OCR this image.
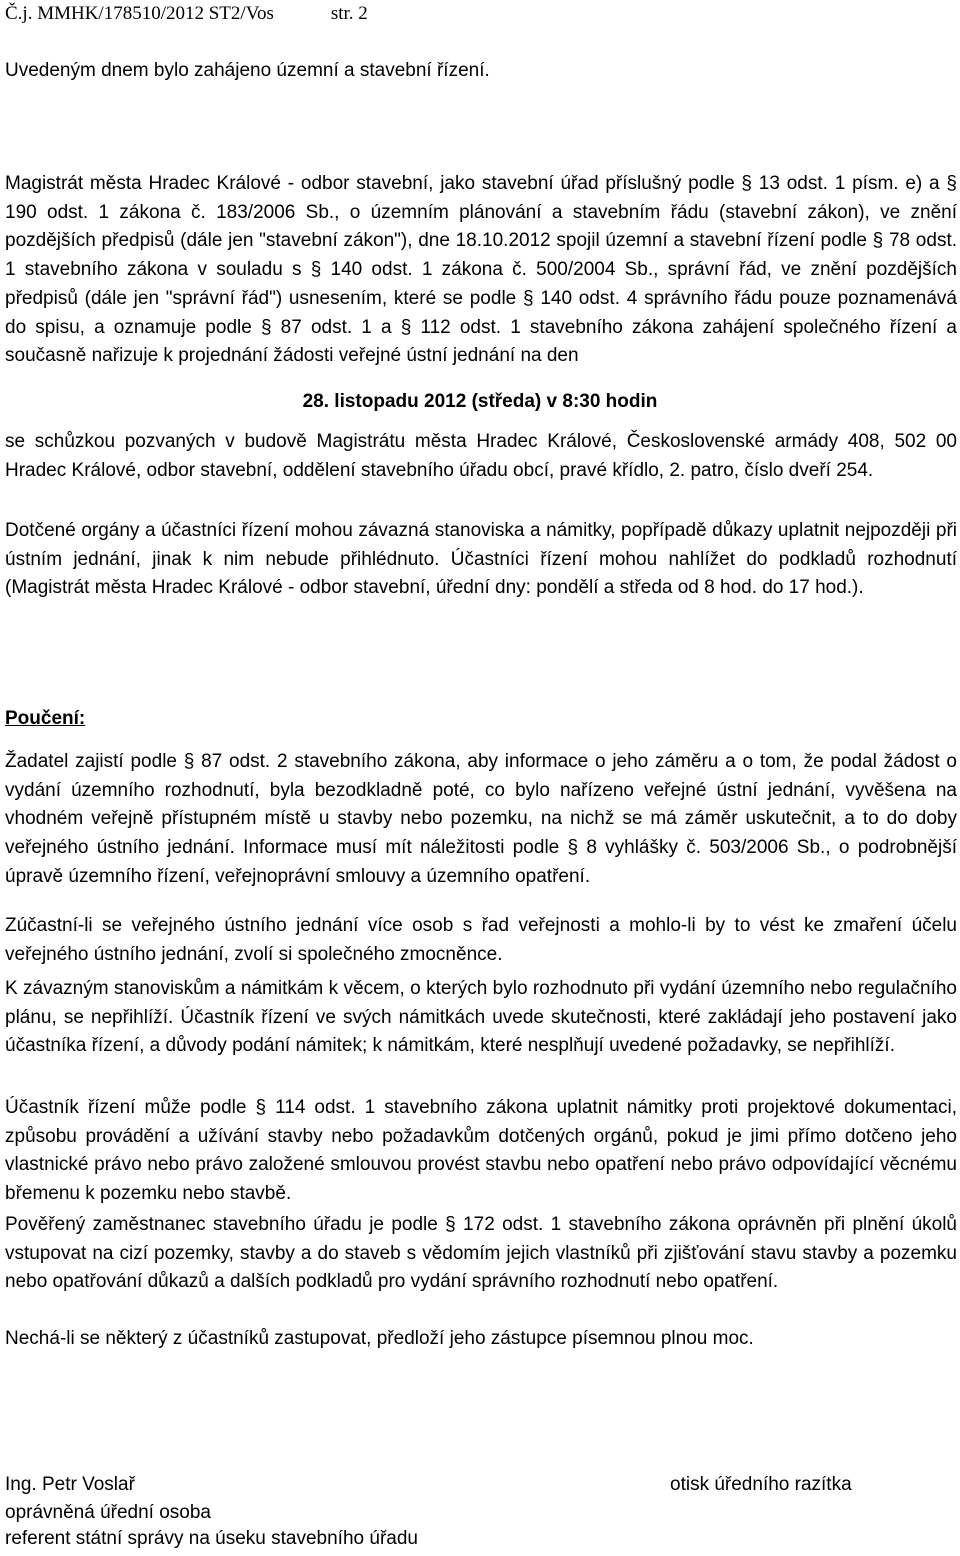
Č.j. MMHK/178510/2012 ST2/Vos            str. 2
Uvedeným dnem bylo zahájeno územní a stavební řízení.
Magistrát města Hradec Králové - odbor stavební, jako stavební úřad příslušný podle § 13 odst. 1 písm. e) a § 190 odst. 1 zákona č. 183/2006 Sb., o územním plánování a stavebním řádu (stavební zákon), ve znění pozdějších předpisů (dále jen "stavební zákon"), dne 18.10.2012 spojil územní a stavební řízení podle § 78 odst. 1 stavebního zákona v souladu s § 140 odst. 1 zákona č. 500/2004 Sb., správní řád, ve znění pozdějších předpisů (dále jen "správní řád") usnesením, které se podle § 140 odst. 4 správního řádu pouze poznamenává do spisu, a oznamuje podle § 87 odst. 1 a § 112 odst. 1 stavebního zákona zahájení společného řízení a současně nařizuje k projednání žádosti veřejné ústní jednání na den
28. listopadu 2012 (středa) v 8:30 hodin
se schůzkou pozvaných v budově Magistrátu města Hradec Králové, Československé armády 408, 502 00 Hradec Králové, odbor stavební, oddělení stavebního úřadu obcí, pravé křídlo, 2. patro, číslo dveří 254.
Dotčené orgány a účastníci řízení mohou závazná stanoviska a námitky, popřípadě důkazy uplatnit nejpozději při ústním jednání, jinak k nim nebude přihlédnuto. Účastníci řízení mohou nahlížet do podkladů rozhodnutí (Magistrát města Hradec Králové - odbor stavební, úřední dny: pondělí a středa od 8 hod. do 17 hod.).
Poučení:
Žadatel zajistí podle § 87 odst. 2 stavebního zákona, aby informace o jeho záměru a o tom, že podal žádost o vydání územního rozhodnutí, byla bezodkladně poté, co bylo nařízeno veřejné ústní jednání, vyvěšena na vhodném veřejně přístupném místě u stavby nebo pozemku, na nichž se má záměr uskutečnit, a to do doby veřejného ústního jednání. Informace musí mít náležitosti podle § 8 vyhlášky č. 503/2006 Sb., o podrobnější úpravě územního řízení, veřejnoprávní smlouvy a územního opatření.
Zúčastní-li se veřejného ústního jednání více osob s řad veřejnosti a mohlo-li by to vést ke zmaření účelu veřejného ústního jednání, zvolí si společného zmocněnce.
K závazným stanoviskům a námitkám k věcem, o kterých bylo rozhodnuto při vydání územního nebo regulačního plánu, se nepřihlíží. Účastník řízení ve svých námitkách uvede skutečnosti, které zakládají jeho postavení jako účastníka řízení, a důvody podání námitek; k námitkám, které nesplňují uvedené požadavky, se nepřihlíží.
Účastník řízení může podle § 114 odst. 1 stavebního zákona uplatnit námitky proti projektové dokumentaci, způsobu provádění a užívání stavby nebo požadavkům dotčených orgánů, pokud je jimi přímo dotčeno jeho vlastnické právo nebo právo založené smlouvou provést stavbu nebo opatření nebo právo odpovídající věcnému břemenu k pozemku nebo stavbě.
Pověřený zaměstnanec stavebního úřadu je podle § 172 odst. 1 stavebního zákona oprávněn při plnění úkolů vstupovat na cizí pozemky, stavby a do staveb s vědomím jejich vlastníků při zjišťování stavu stavby a pozemku nebo opatřování důkazů a dalších podkladů pro vydání správního rozhodnutí nebo opatření.
Nechá-li se některý z účastníků zastupovat, předloží jeho zástupce písemnou plnou moc.
Ing. Petr Voslař	otisk úředního razítka
oprávněná úřední osoba
referent státní správy na úseku stavebního úřadu
